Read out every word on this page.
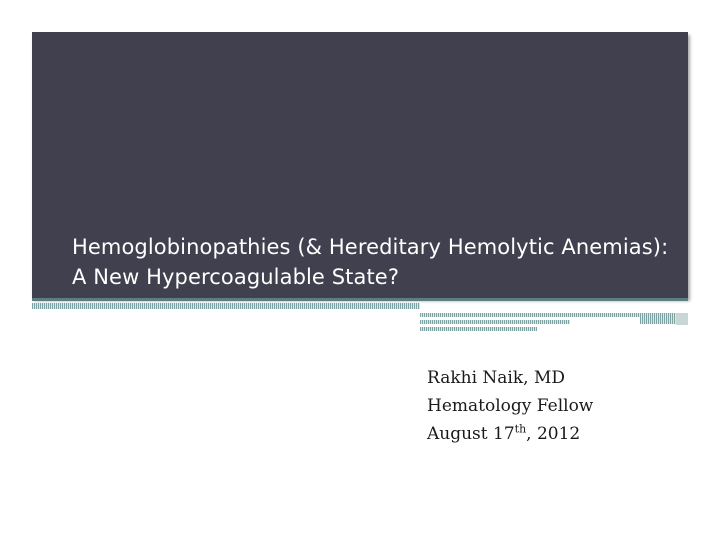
Hemoglobinopathies (& Hereditary Hemolytic Anemias): A New Hypercoagulable State?
Rakhi Naik, MD
Hematology Fellow
August 17th, 2012
